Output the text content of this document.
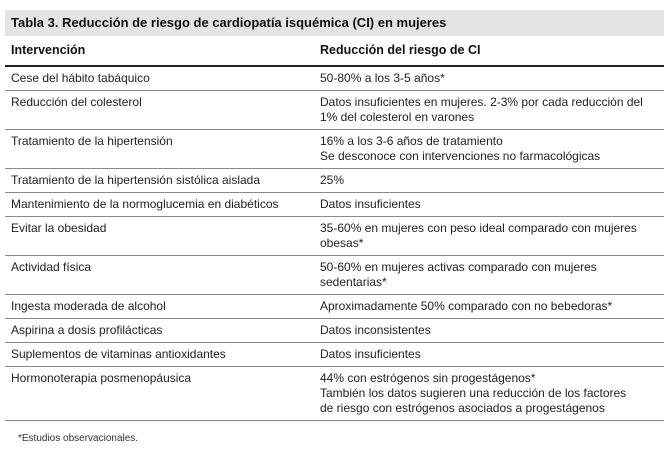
Tabla 3. Reducción de riesgo de cardiopatía isquémica (CI) en mujeres
Intervención	Reducción del riesgo de CI
Cese del hábito tabáquico	50-80% a los 3-5 años*

Reducción del colesterol	Datos insuficientes en mujeres. 2-3% por cada reducción del
1% del colesterol en varones

Tratamiento de la hipertensión	16% a los 3-6 años de tratamiento
Se desconoce con intervenciones no farmacológicas

Tratamiento de la hipertensión sistólica aislada	25%

Mantenimiento de la normoglucemia en diabéticos	Datos insuficientes

Evitar la obesidad	35-60% en mujeres con peso ideal comparado con mujeres
obesas*

Actividad física	50-60% en mujeres activas comparado con mujeres
sedentarias*

Ingesta moderada de alcohol	Aproximadamente 50% comparado con no bebedoras*

Aspirina a dosis profilácticas	Datos inconsistentes

Suplementos de vitaminas antioxidantes	Datos insuficientes

Hormonoterapia posmenopáusica	44% con estrógenos sin progestágenos*
También los datos sugieren una reducción de los factores
de riesgo con estrógenos asociados a progestágenos
*Estudios observacionales.
